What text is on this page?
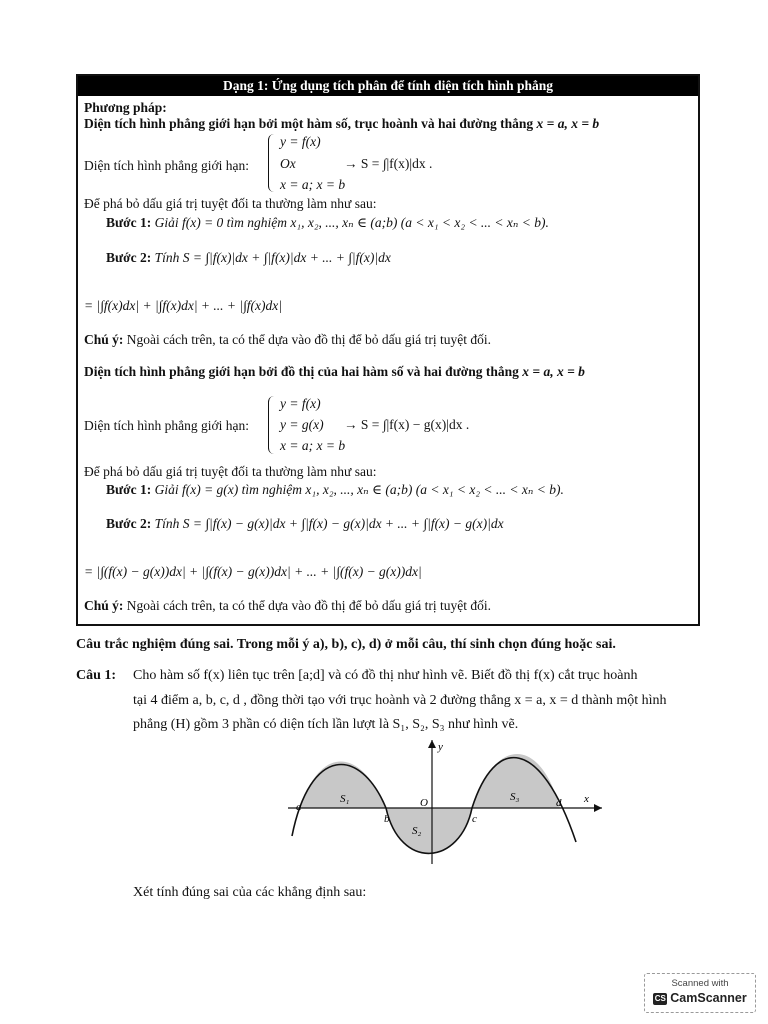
Dạng 1: Ứng dụng tích phân để tính diện tích hình phẳng
Phương pháp:
Diện tích hình phẳng giới hạn bởi một hàm số, trục hoành và hai đường thẳng x = a, x = b
Diện tích hình phẳng giới hạn:
y = f(x)
Ox
x = a; x = b
→ S = ∫|f(x)|dx .
Để phá bỏ dấu giá trị tuyệt đối ta thường làm như sau:
Bước 1: Giải f(x) = 0 tìm nghiệm x₁, x₂, ..., xₙ ∈ (a;b) (a < x₁ < x₂ < ... < xₙ < b).
Bước 2: Tính S = ∫|f(x)|dx + ∫|f(x)|dx + ... + ∫|f(x)|dx
= |∫f(x)dx| + |∫f(x)dx| + ... + |∫f(x)dx|
Chú ý: Ngoài cách trên, ta có thể dựa vào đồ thị để bỏ dấu giá trị tuyệt đối.
Diện tích hình phẳng giới hạn bởi đồ thị của hai hàm số và hai đường thẳng x = a, x = b
Diện tích hình phẳng giới hạn:
y = f(x)
y = g(x)
x = a; x = b
→ S = ∫|f(x) − g(x)|dx .
Để phá bỏ dấu giá trị tuyệt đối ta thường làm như sau:
Bước 1: Giải f(x) = g(x) tìm nghiệm x₁, x₂, ..., xₙ ∈ (a;b) (a < x₁ < x₂ < ... < xₙ < b).
Bước 2: Tính S = ∫|f(x) − g(x)|dx + ∫|f(x) − g(x)|dx + ... + ∫|f(x) − g(x)|dx
= |∫(f(x) − g(x))dx| + |∫(f(x) − g(x))dx| + ... + |∫(f(x) − g(x))dx|
Chú ý: Ngoài cách trên, ta có thể dựa vào đồ thị để bỏ dấu giá trị tuyệt đối.
Câu trắc nghiệm đúng sai. Trong mỗi ý a), b), c), d) ở mỗi câu, thí sinh chọn đúng hoặc sai.
Câu 1: Cho hàm số f(x) liên tục trên [a;d] và có đồ thị như hình vẽ. Biết đồ thị f(x) cắt trục hoành
tại 4 điểm a, b, c, d , đồng thời tạo với trục hoành và 2 đường thẳng x = a, x = d thành một hình
phẳng (H) gồm 3 phần có diện tích lần lượt là S₁, S₂, S₃ như hình vẽ.
y
x
O
a
b	c
d
S₁
S₂
S₃
Xét tính đúng sai của các khẳng định sau:
Scanned with
CS CamScanner
